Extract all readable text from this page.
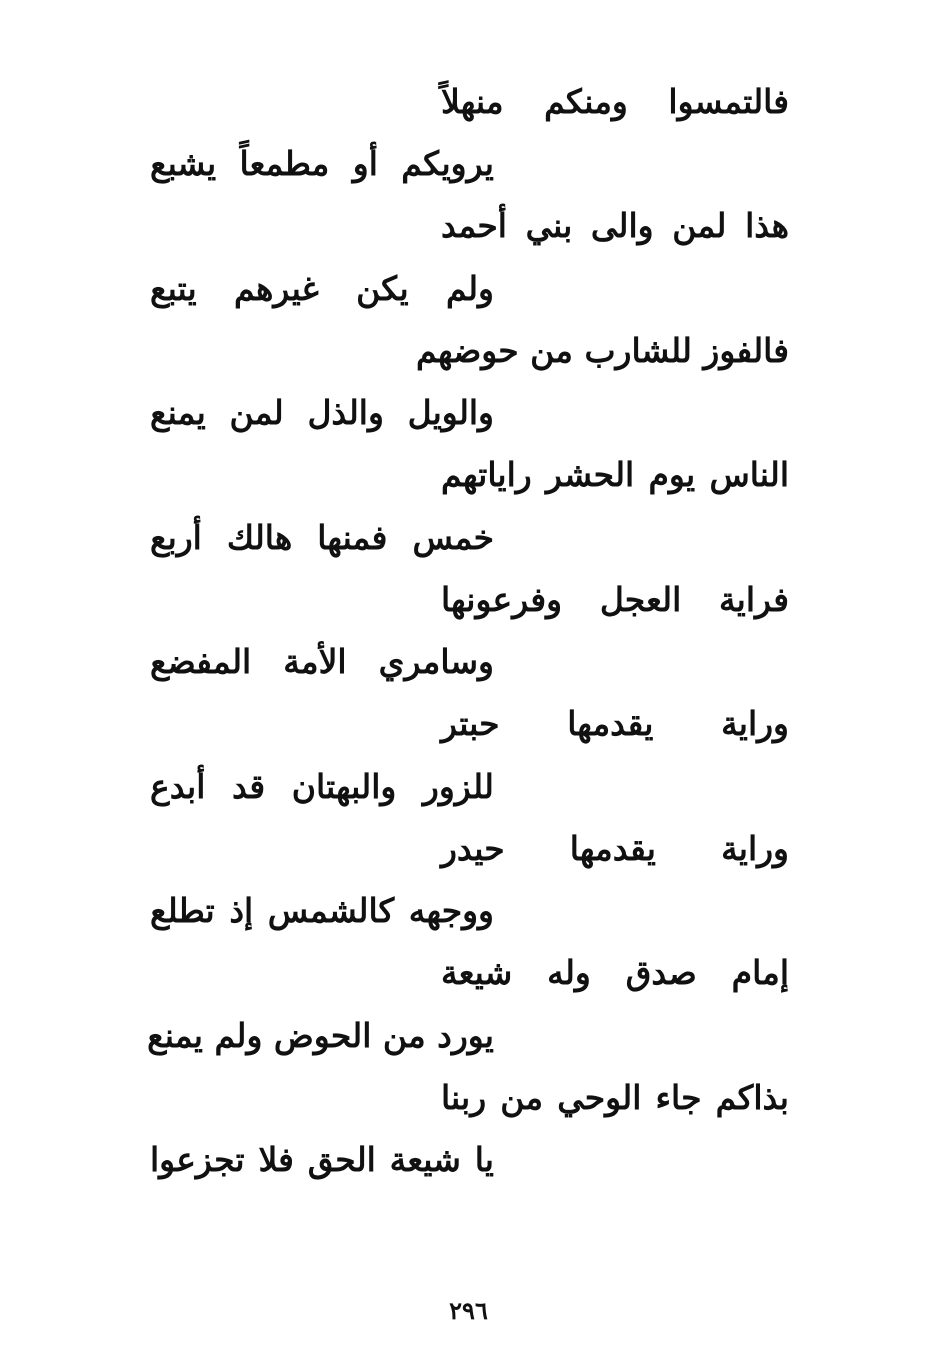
فالتمسوا ومنكم منهلاً
يرويكم أو مطمعاً يشبع
هذا لمن والى بني أحمد
ولم يكن غيرهم يتبع
فالفوز للشارب من حوضهم
والويل والذل لمن يمنع
الناس يوم الحشر راياتهم
خمس فمنها هالك أربع
فراية العجل وفرعونها
وسامري الأمة المفضع
وراية يقدمها حبتر
للزور والبهتان قد أبدع
وراية يقدمها حيدر
ووجهه كالشمس إذ تطلع
إمام صدق وله شيعة
يورد من الحوض ولم يمنع
بذاكم جاء الوحي من ربنا
يا شيعة الحق فلا تجزعوا
٢٩٦
